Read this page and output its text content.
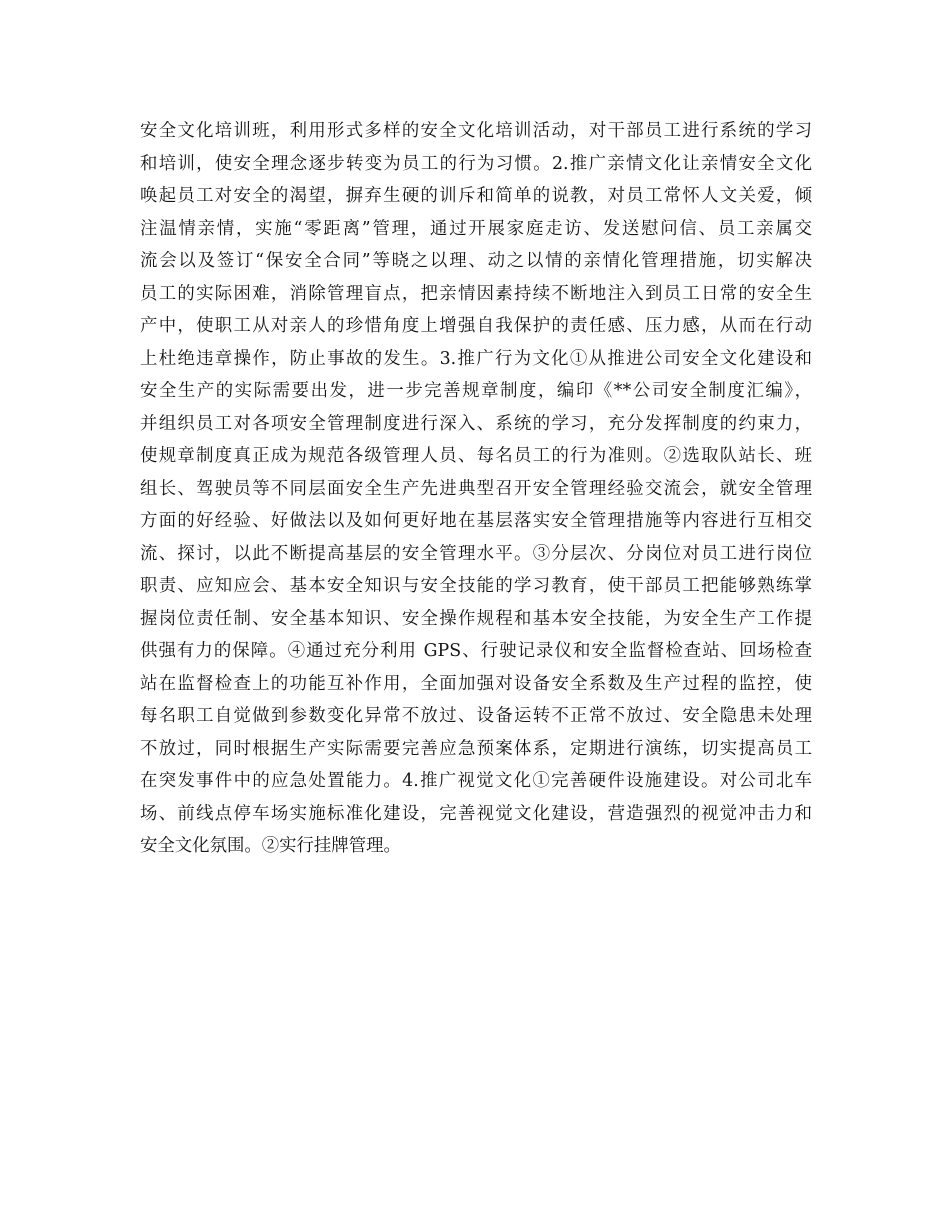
安全文化培训班，利用形式多样的安全文化培训活动，对干部员工进行系统的学习
和培训，使安全理念逐步转变为员工的行为习惯。2.推广亲情文化让亲情安全文化
唤起员工对安全的渴望，摒弃生硬的训斥和简单的说教，对员工常怀人文关爱，倾
注温情亲情，实施“零距离”管理，通过开展家庭走访、发送慰问信、员工亲属交
流会以及签订“保安全合同”等晓之以理、动之以情的亲情化管理措施，切实解决
员工的实际困难，消除管理盲点，把亲情因素持续不断地注入到员工日常的安全生
产中，使职工从对亲人的珍惜角度上增强自我保护的责任感、压力感，从而在行动
上杜绝违章操作，防止事故的发生。3.推广行为文化①从推进公司安全文化建设和
安全生产的实际需要出发，进一步完善规章制度，编印《**公司安全制度汇编》，
并组织员工对各项安全管理制度进行深入、系统的学习，充分发挥制度的约束力，
使规章制度真正成为规范各级管理人员、每名员工的行为准则。②选取队站长、班
组长、驾驶员等不同层面安全生产先进典型召开安全管理经验交流会，就安全管理
方面的好经验、好做法以及如何更好地在基层落实安全管理措施等内容进行互相交
流、探讨，以此不断提高基层的安全管理水平。③分层次、分岗位对员工进行岗位
职责、应知应会、基本安全知识与安全技能的学习教育，使干部员工把能够熟练掌
握岗位责任制、安全基本知识、安全操作规程和基本安全技能，为安全生产工作提
供强有力的保障。④通过充分利用 GPS、行驶记录仪和安全监督检查站、回场检查
站在监督检查上的功能互补作用，全面加强对设备安全系数及生产过程的监控，使
每名职工自觉做到参数变化异常不放过、设备运转不正常不放过、安全隐患未处理
不放过，同时根据生产实际需要完善应急预案体系，定期进行演练，切实提高员工
在突发事件中的应急处置能力。4.推广视觉文化①完善硬件设施建设。对公司北车
场、前线点停车场实施标准化建设，完善视觉文化建设，营造强烈的视觉冲击力和
安全文化氛围。②实行挂牌管理。
